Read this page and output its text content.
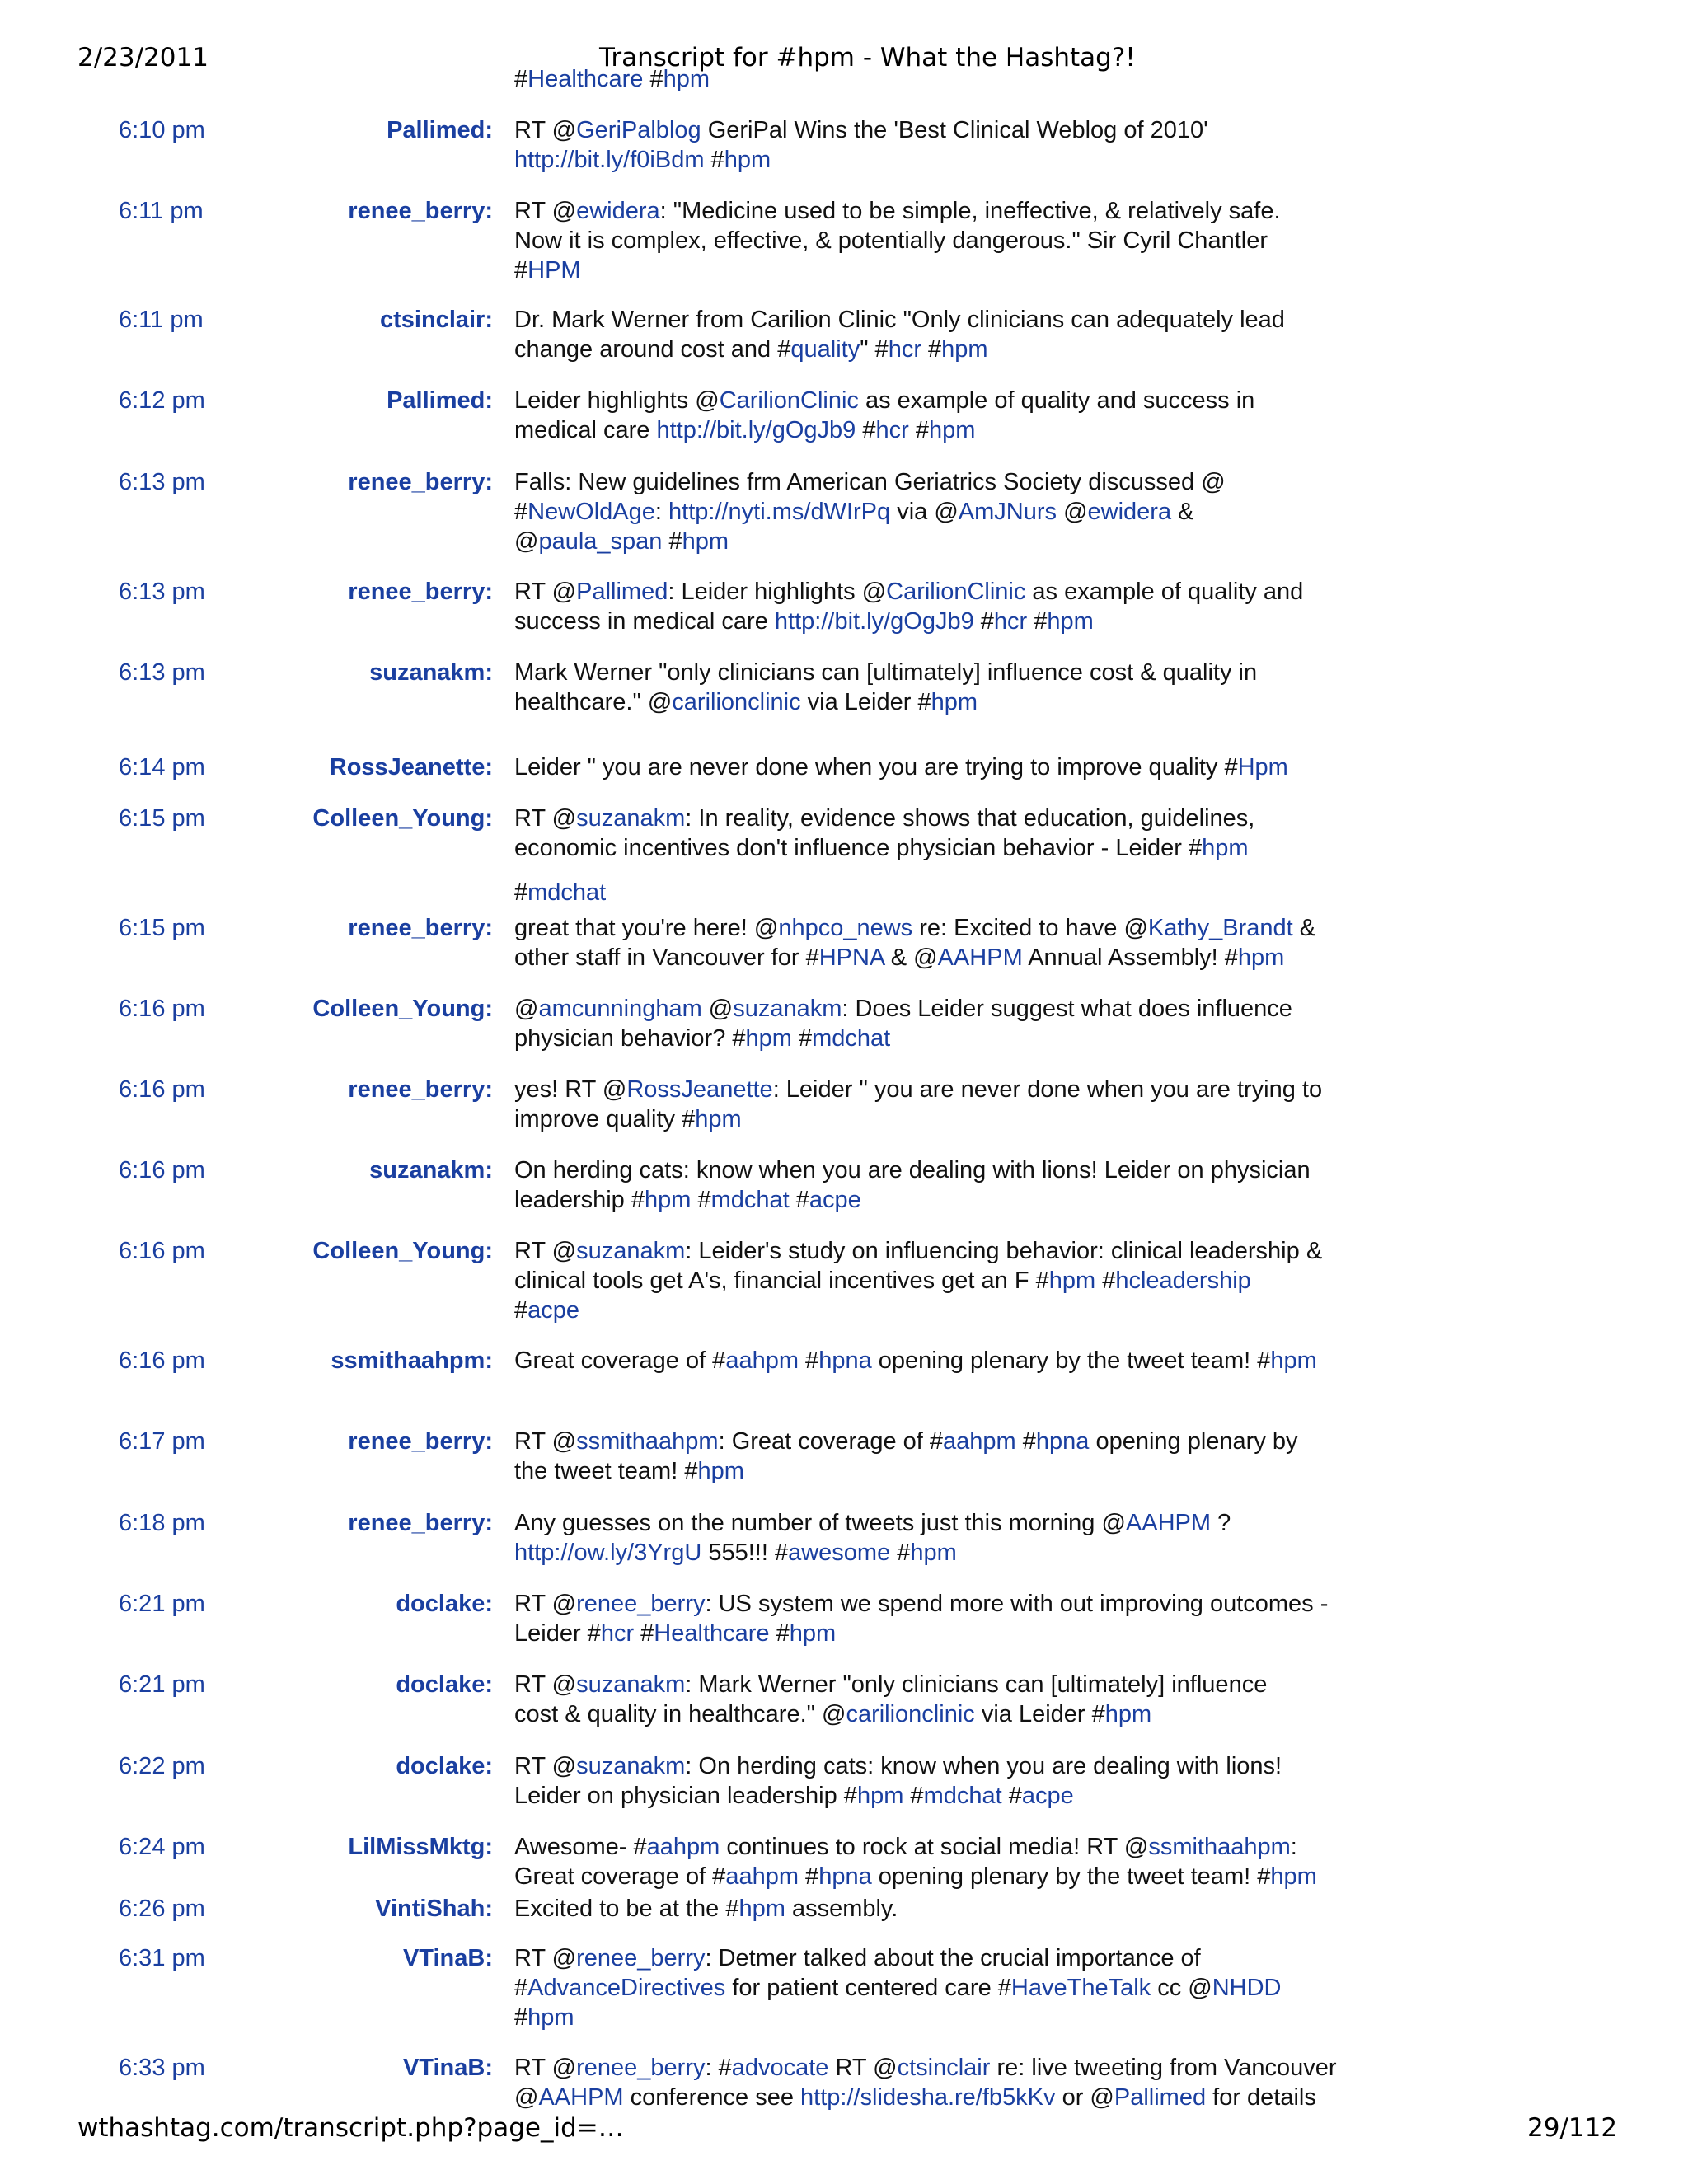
2/23/2011	Transcript for #hpm - What the Hashtag?!
#Healthcare #hpm
6:10 pm	Pallimed: RT @GeriPalblog GeriPal Wins the 'Best Clinical Weblog of 2010'
http://bit.ly/f0iBdm #hpm
6:11 pm	renee_berry: RT @ewidera: "Medicine used to be simple, ineffective, & relatively safe.
Now it is complex, effective, & potentially dangerous." Sir Cyril Chantler
#HPM
6:11 pm	ctsinclair: Dr. Mark Werner from Carilion Clinic "Only clinicians can adequately lead
change around cost and #quality" #hcr #hpm
6:12 pm	Pallimed: Leider highlights @CarilionClinic as example of quality and success in
medical care http://bit.ly/gOgJb9 #hcr #hpm
6:13 pm	renee_berry: Falls: New guidelines frm American Geriatrics Society discussed @
#NewOldAge: http://nyti.ms/dWIrPq via @AmJNurs @ewidera &
@paula_span #hpm
6:13 pm	renee_berry: RT @Pallimed: Leider highlights @CarilionClinic as example of quality and
success in medical care http://bit.ly/gOgJb9 #hcr #hpm
6:13 pm	suzanakm: Mark Werner "only clinicians can [ultimately] influence cost & quality in
healthcare." @carilionclinic via Leider #hpm
6:14 pm	RossJeanette: Leider " you are never done when you are trying to improve quality #Hpm
6:15 pm	Colleen_Young: RT @suzanakm: In reality, evidence shows that education, guidelines,
economic incentives don't influence physician behavior - Leider #hpm
#mdchat
6:15 pm	renee_berry: great that you're here! @nhpco_news re: Excited to have @Kathy_Brandt &
other staff in Vancouver for #HPNA & @AAHPM Annual Assembly! #hpm
6:16 pm	Colleen_Young: @amcunningham @suzanakm: Does Leider suggest what does influence
physician behavior? #hpm #mdchat
6:16 pm	renee_berry: yes! RT @RossJeanette: Leider " you are never done when you are trying to
improve quality #hpm
6:16 pm	suzanakm: On herding cats: know when you are dealing with lions! Leider on physician
leadership #hpm #mdchat #acpe
6:16 pm	Colleen_Young: RT @suzanakm: Leider's study on influencing behavior: clinical leadership &
clinical tools get A's, financial incentives get an F #hpm #hcleadership
#acpe
6:16 pm	ssmithaahpm: Great coverage of #aahpm #hpna opening plenary by the tweet team! #hpm
6:17 pm	renee_berry: RT @ssmithaahpm: Great coverage of #aahpm #hpna opening plenary by
the tweet team! #hpm
6:18 pm	renee_berry: Any guesses on the number of tweets just this morning @AAHPM ?
http://ow.ly/3YrgU 555!!! #awesome #hpm
6:21 pm	doclake: RT @renee_berry: US system we spend more with out improving outcomes -
Leider #hcr #Healthcare #hpm
6:21 pm	doclake: RT @suzanakm: Mark Werner "only clinicians can [ultimately] influence
cost & quality in healthcare." @carilionclinic via Leider #hpm
6:22 pm	doclake: RT @suzanakm: On herding cats: know when you are dealing with lions!
Leider on physician leadership #hpm #mdchat #acpe
6:24 pm	LilMissMktg: Awesome- #aahpm continues to rock at social media! RT @ssmithaahpm:
Great coverage of #aahpm #hpna opening plenary by the tweet team! #hpm
6:26 pm	VintiShah: Excited to be at the #hpm assembly.
6:31 pm	VTinaB: RT @renee_berry: Detmer talked about the crucial importance of
#AdvanceDirectives for patient centered care #HaveTheTalk cc @NHDD
#hpm
6:33 pm	VTinaB: RT @renee_berry: #advocate RT @ctsinclair re: live tweeting from Vancouver
@AAHPM conference see http://slidesha.re/fb5kKv or @Pallimed for details
wthashtag.com/transcript.php?page_id=…	29/112
